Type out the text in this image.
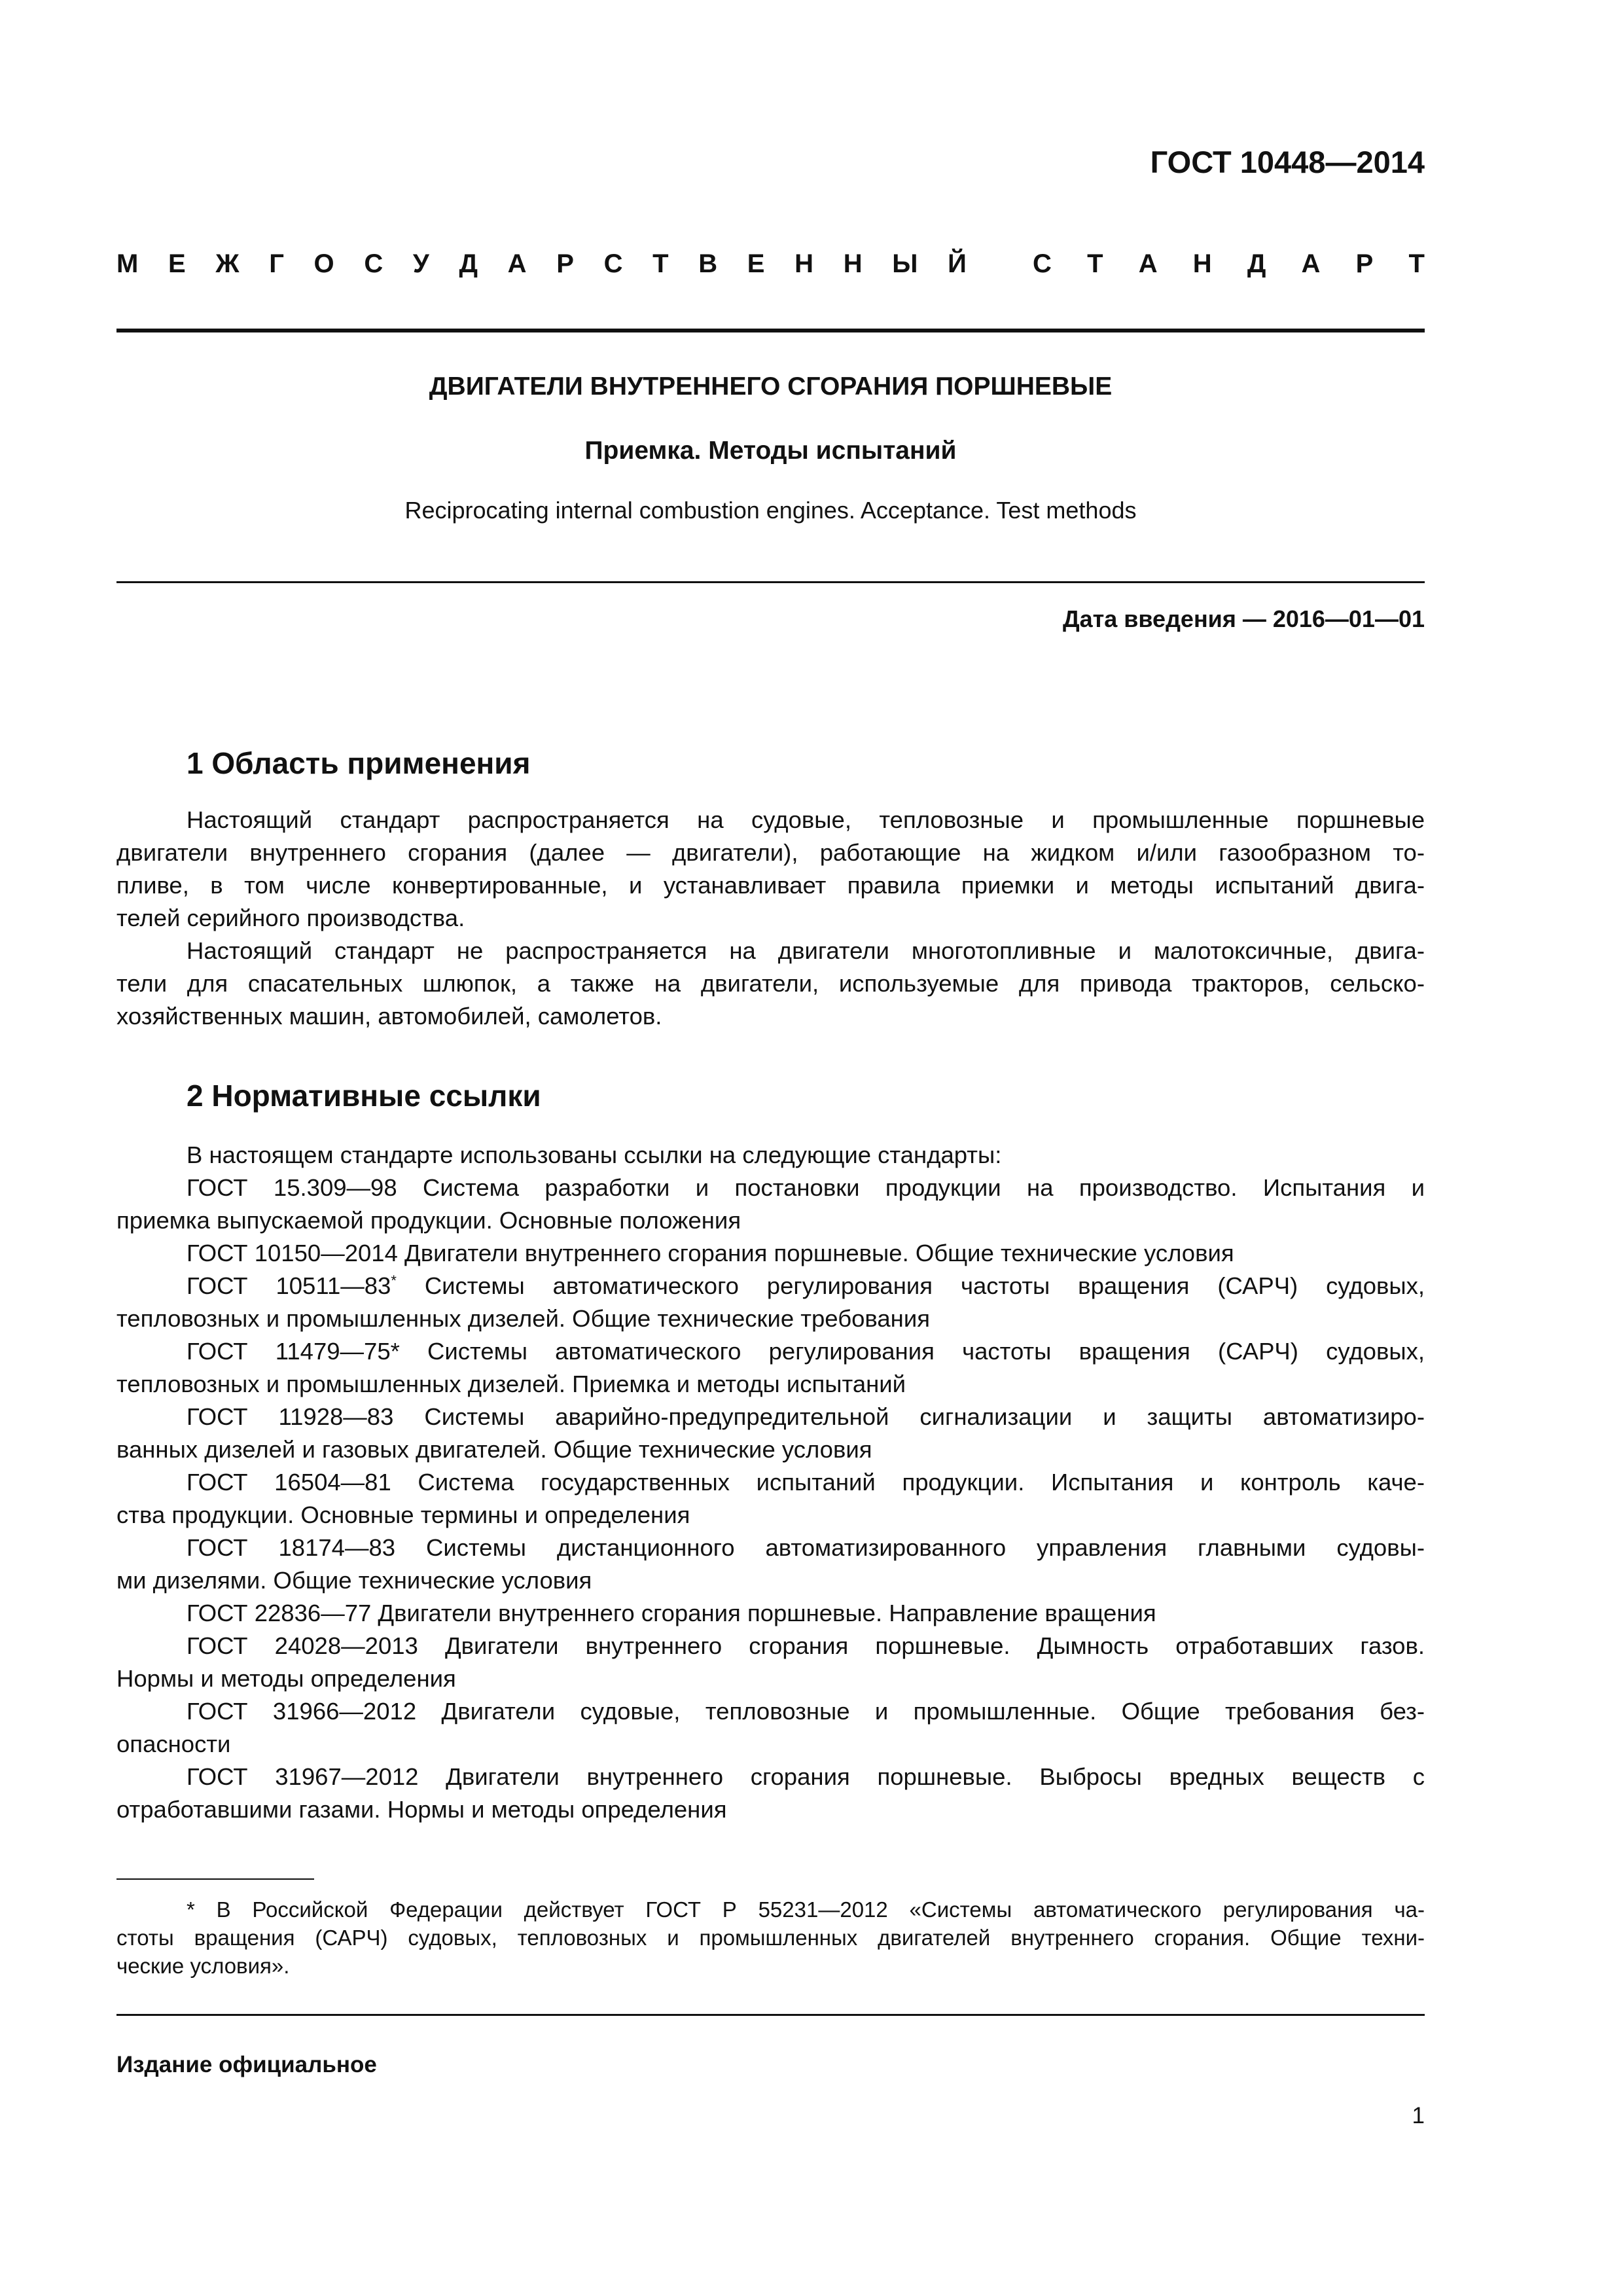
ГОСТ 10448—2014
М Е Ж Г О С У Д А Р С Т В Е Н Н Ы Й	С Т А Н Д А Р Т
ДВИГАТЕЛИ ВНУТРЕННЕГО СГОРАНИЯ ПОРШНЕВЫЕ
Приемка. Методы испытаний
Reciprocating internal combustion engines. Acceptance. Test methods
Дата введения — 2016—01—01
1 Область применения
Настоящий стандарт распространяется на судовые, тепловозные и промышленные поршневые
двигатели внутреннего сгорания (далее — двигатели), работающие на жидком и/или газообразном то-
пливе, в том числе конвертированные, и устанавливает правила приемки и методы испытаний двига-
телей серийного производства.
Настоящий стандарт не распространяется на двигатели многотопливные и малотоксичные, двига-
тели для спасательных шлюпок, а также на двигатели, используемые для привода тракторов, сельско-
хозяйственных машин, автомобилей, самолетов.
2 Нормативные ссылки
В настоящем стандарте использованы ссылки на следующие стандарты:
ГОСТ 15.309—98 Система разработки и постановки продукции на производство. Испытания и
приемка выпускаемой продукции. Основные положения
ГОСТ 10150—2014 Двигатели внутреннего сгорания поршневые. Общие технические условия
ГОСТ 10511—83* Системы автоматического регулирования частоты вращения (САРЧ) судовых,
тепловозных и промышленных дизелей. Общие технические требования
ГОСТ 11479—75* Системы автоматического регулирования частоты вращения (САРЧ) судовых,
тепловозных и промышленных дизелей. Приемка и методы испытаний
ГОСТ 11928—83 Системы аварийно-предупредительной сигнализации и защиты автоматизиро-
ванных дизелей и газовых двигателей. Общие технические условия
ГОСТ 16504—81 Система государственных испытаний продукции. Испытания и контроль каче-
ства продукции. Основные термины и определения
ГОСТ 18174—83 Системы дистанционного автоматизированного управления главными судовы-
ми дизелями. Общие технические условия
ГОСТ 22836—77 Двигатели внутреннего сгорания поршневые. Направление вращения
ГОСТ 24028—2013 Двигатели внутреннего сгорания поршневые. Дымность отработавших газов.
Нормы и методы определения
ГОСТ 31966—2012 Двигатели судовые, тепловозные и промышленные. Общие требования без-
опасности
ГОСТ 31967—2012 Двигатели внутреннего сгорания поршневые. Выбросы вредных веществ с
отработавшими газами. Нормы и методы определения
* В Российской Федерации действует ГОСТ Р 55231—2012 «Системы автоматического регулирования ча-
стоты вращения (САРЧ) судовых, тепловозных и промышленных двигателей внутреннего сгорания. Общие техни-
ческие условия».
Издание официальное
1
